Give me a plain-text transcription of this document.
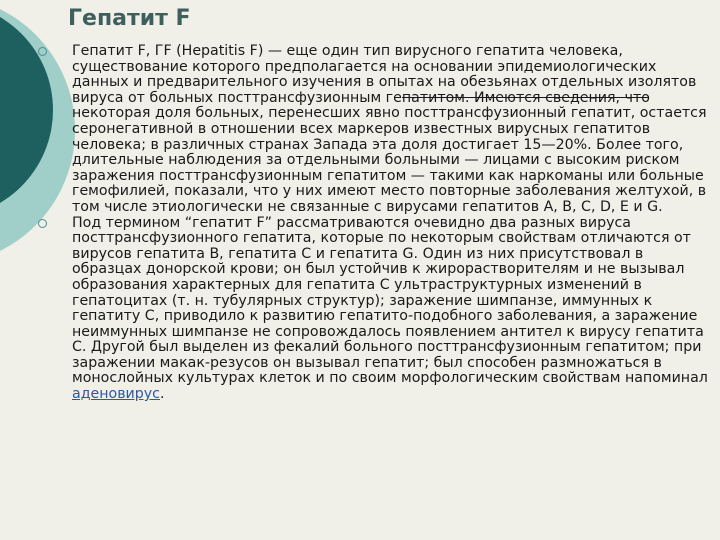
Гепатит F

Гепатит F, ГF (Hepatitis F) — еще один тип вирусного гепатита человека, существование которого предполагается на основании эпидемиологических данных и предварительного изучения в опытах на обезьянах отдельных изолятов вируса от больных посттрансфузионным гепатитом. Имеются сведения, что некоторая доля больных, перенесших явно посттрансфузионный гепатит, остается серонегативной в отношении всех маркеров известных вирусных гепатитов человека; в различных странах Запада эта доля достигает 15—20%. Более того, длительные наблюдения за отдельными больными — лицами с высоким риском заражения посттрансфузионным гепатитом — такими как наркоманы или больные гемофилией, показали, что у них имеют место повторные заболевания желтухой, в том числе этиологически не связанные с вирусами гепатитов A, B, C, D, E и G.

Под термином “гепатит F” рассматриваются очевидно два разных вируса посттрансфузионного гепатита, которые по некоторым свойствам отличаются от вирусов гепатита B, гепатита C и гепатита G. Один из них присутствовал в образцах донорской крови; он был устойчив к жирорастворителям и не вызывал образования характерных для гепатита C ультраструктурных изменений в гепатоцитах (т. н. тубулярных структур); заражение шимпанзе, иммунных к гепатиту C, приводило к развитию гепатито-подобного заболевания, а заражение неиммунных шимпанзе не сопровождалось появлением антител к вирусу гепатита C. Другой был выделен из фекалий больного посттрансфузионным гепатитом; при заражении макак-резусов он вызывал гепатит; был способен размножаться в монослойных культурах клеток и по своим морфологическим свойствам напоминал аденовирус.
